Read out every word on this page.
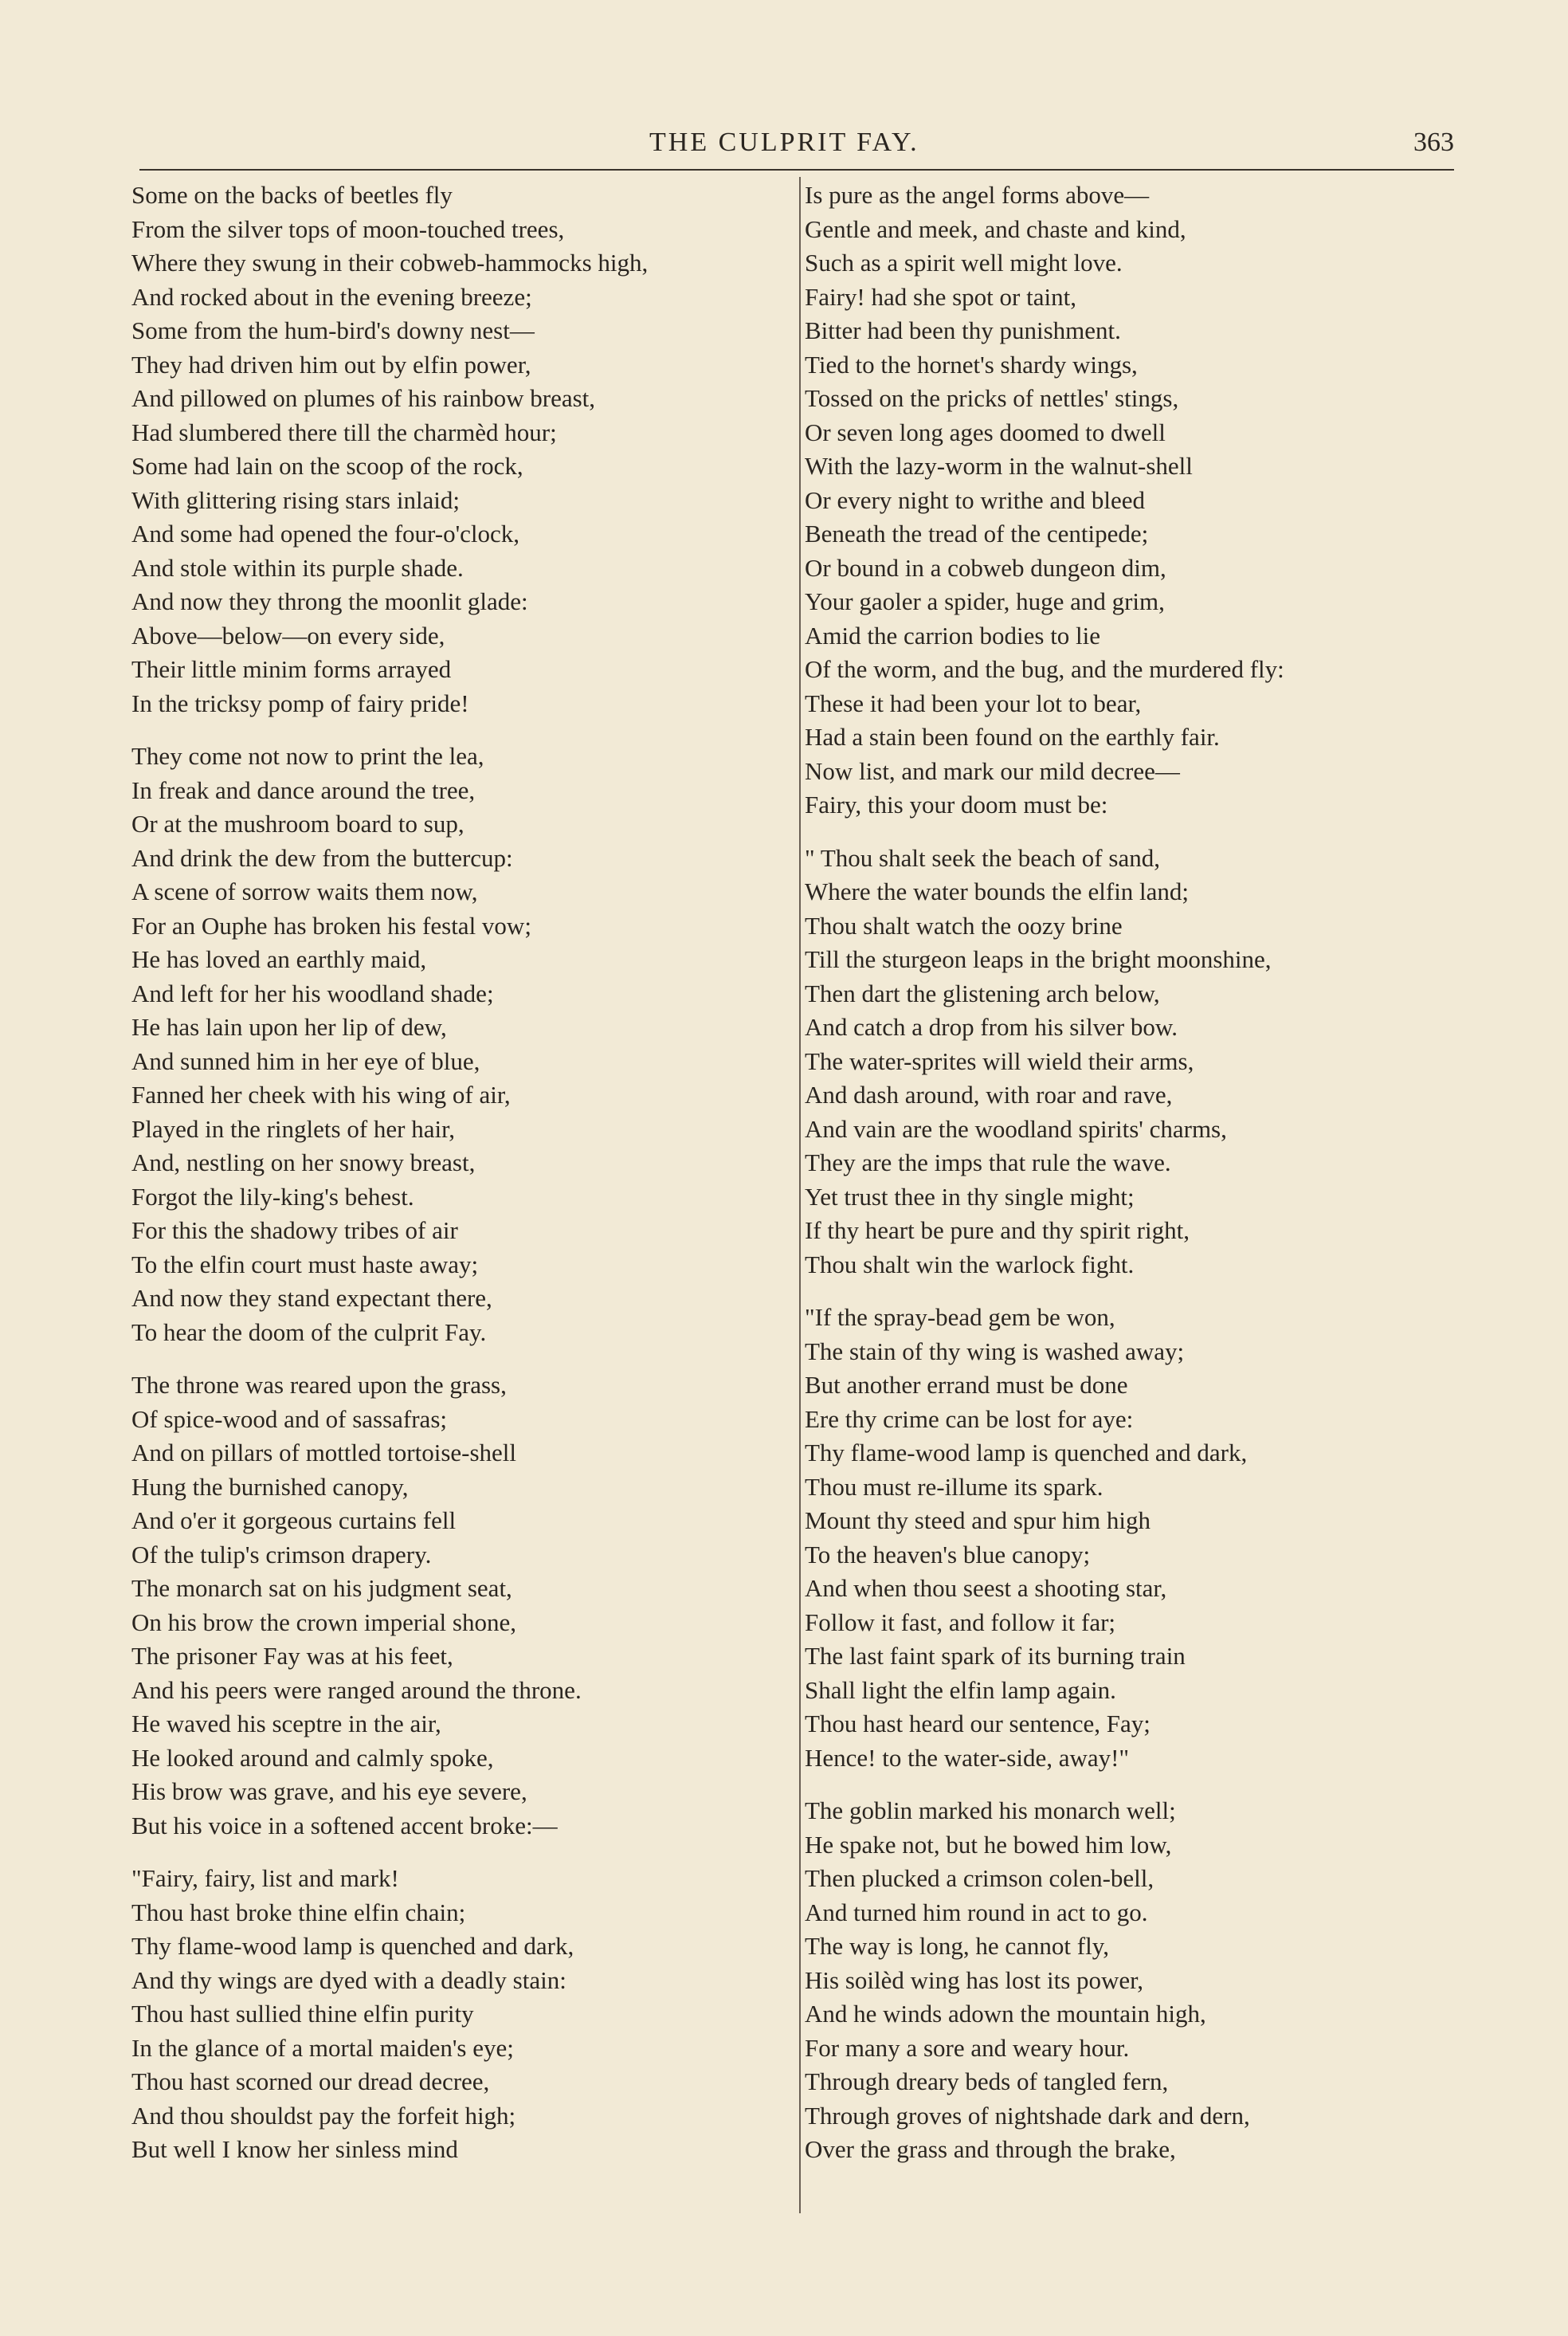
THE CULPRIT FAY.	363
Some on the backs of beetles fly
From the silver tops of moon-touched trees,
Where they swung in their cobweb-hammocks high,
And rocked about in the evening breeze;
Some from the hum-bird's downy nest—
They had driven him out by elfin power,
And pillowed on plumes of his rainbow breast,
Had slumbered there till the charmèd hour;
Some had lain on the scoop of the rock,
With glittering rising stars inlaid;
And some had opened the four-o'clock,
And stole within its purple shade.
And now they throng the moonlit glade:
Above—below—on every side,
Their little minim forms arrayed
In the tricksy pomp of fairy pride!
They come not now to print the lea,
In freak and dance around the tree,
Or at the mushroom board to sup,
And drink the dew from the buttercup:
A scene of sorrow waits them now,
For an Ouphe has broken his festal vow;
He has loved an earthly maid,
And left for her his woodland shade;
He has lain upon her lip of dew,
And sunned him in her eye of blue,
Fanned her cheek with his wing of air,
Played in the ringlets of her hair,
And, nestling on her snowy breast,
Forgot the lily-king's behest.
For this the shadowy tribes of air
To the elfin court must haste away;
And now they stand expectant there,
To hear the doom of the culprit Fay.
The throne was reared upon the grass,
Of spice-wood and of sassafras;
And on pillars of mottled tortoise-shell
Hung the burnished canopy,
And o'er it gorgeous curtains fell
Of the tulip's crimson drapery.
The monarch sat on his judgment seat,
On his brow the crown imperial shone,
The prisoner Fay was at his feet,
And his peers were ranged around the throne.
He waved his sceptre in the air,
He looked around and calmly spoke,
His brow was grave, and his eye severe,
But his voice in a softened accent broke:—
"Fairy, fairy, list and mark!
Thou hast broke thine elfin chain;
Thy flame-wood lamp is quenched and dark,
And thy wings are dyed with a deadly stain:
Thou hast sullied thine elfin purity
In the glance of a mortal maiden's eye;
Thou hast scorned our dread decree,
And thou shouldst pay the forfeit high;
But well I know her sinless mind
Is pure as the angel forms above—
Gentle and meek, and chaste and kind,
Such as a spirit well might love.
Fairy! had she spot or taint,
Bitter had been thy punishment.
Tied to the hornet's shardy wings,
Tossed on the pricks of nettles' stings,
Or seven long ages doomed to dwell
With the lazy-worm in the walnut-shell
Or every night to writhe and bleed
Beneath the tread of the centipede;
Or bound in a cobweb dungeon dim,
Your gaoler a spider, huge and grim,
Amid the carrion bodies to lie
Of the worm, and the bug, and the murdered fly:
These it had been your lot to bear,
Had a stain been found on the earthly fair.
Now list, and mark our mild decree—
Fairy, this your doom must be:
" Thou shalt seek the beach of sand,
Where the water bounds the elfin land;
Thou shalt watch the oozy brine
Till the sturgeon leaps in the bright moonshine,
Then dart the glistening arch below,
And catch a drop from his silver bow.
The water-sprites will wield their arms,
And dash around, with roar and rave,
And vain are the woodland spirits' charms,
They are the imps that rule the wave.
Yet trust thee in thy single might;
If thy heart be pure and thy spirit right,
Thou shalt win the warlock fight.
"If the spray-bead gem be won,
The stain of thy wing is washed away;
But another errand must be done
Ere thy crime can be lost for aye:
Thy flame-wood lamp is quenched and dark,
Thou must re-illume its spark.
Mount thy steed and spur him high
To the heaven's blue canopy;
And when thou seest a shooting star,
Follow it fast, and follow it far;
The last faint spark of its burning train
Shall light the elfin lamp again.
Thou hast heard our sentence, Fay;
Hence! to the water-side, away!"
The goblin marked his monarch well;
He spake not, but he bowed him low,
Then plucked a crimson colen-bell,
And turned him round in act to go.
The way is long, he cannot fly,
His soilèd wing has lost its power,
And he winds adown the mountain high,
For many a sore and weary hour.
Through dreary beds of tangled fern,
Through groves of nightshade dark and dern,
Over the grass and through the brake,
